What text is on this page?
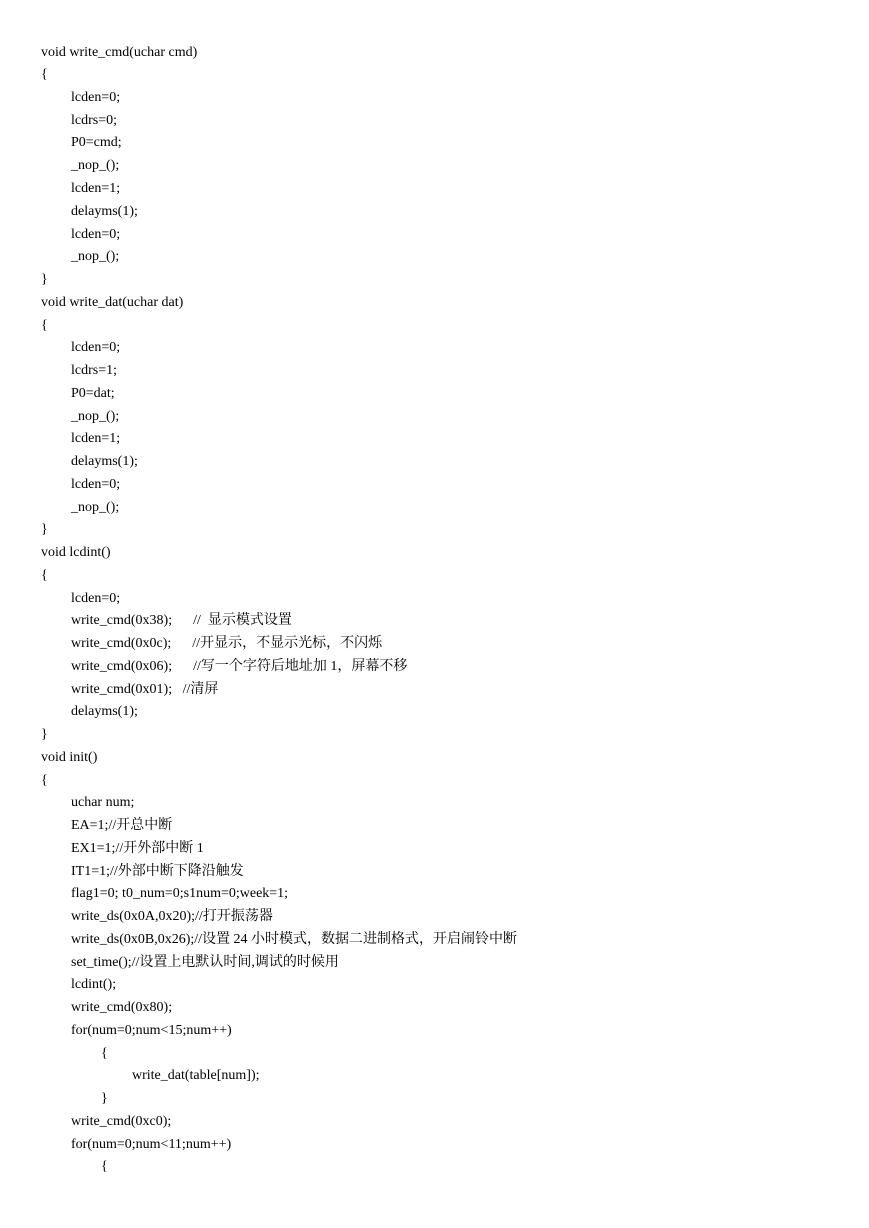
void write_cmd(uchar cmd)
{
lcden=0;
lcdrs=0;
P0=cmd;
_nop_();
lcden=1;
delayms(1);
lcden=0;
_nop_();
}
void write_dat(uchar dat)
{
lcden=0;
lcdrs=1;
P0=dat;
_nop_();
lcden=1;
delayms(1);
lcden=0;
_nop_();
}
void lcdint()
{
lcden=0;
write_cmd(0x38);      //  显示模式设置
write_cmd(0x0c);      //开显示，不显示光标，不闪烁
write_cmd(0x06);      //写一个字符后地址加 1，屏幕不移
write_cmd(0x01);   //清屏
delayms(1);
}
void init()
{
uchar num;
EA=1;//开总中断
EX1=1;//开外部中断 1
IT1=1;//外部中断下降沿触发
flag1=0; t0_num=0;s1num=0;week=1;
write_ds(0x0A,0x20);//打开振荡器
write_ds(0x0B,0x26);//设置 24 小时模式，数据二进制格式，开启闹铃中断
set_time();//设置上电默认时间,调试的时候用
lcdint();
write_cmd(0x80);
for(num=0;num<15;num++)
{
write_dat(table[num]);
}
write_cmd(0xc0);
for(num=0;num<11;num++)
{
